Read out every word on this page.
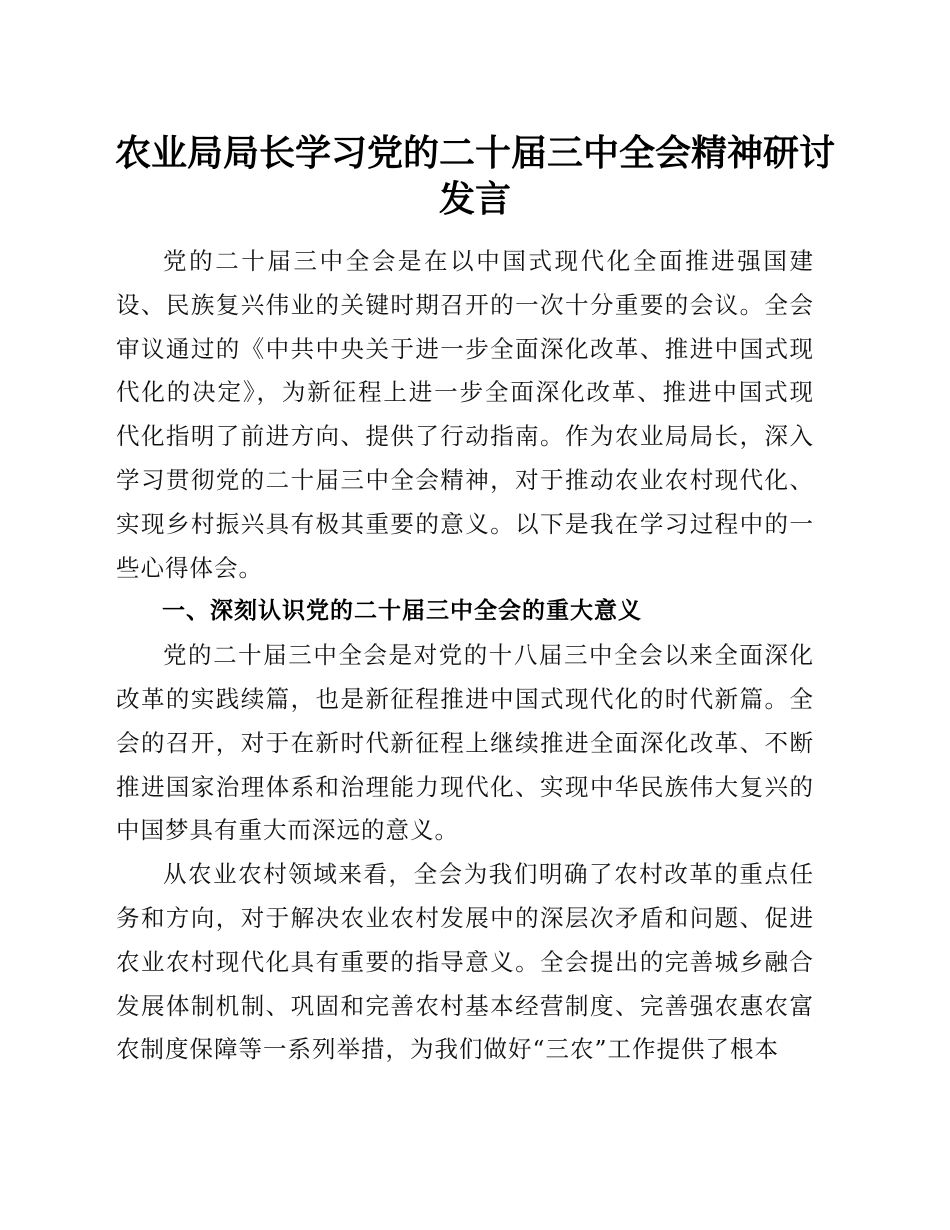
农业局局长学习党的二十届三中全会精神研讨发言

党的二十届三中全会是在以中国式现代化全面推进强国建设、民族复兴伟业的关键时期召开的一次十分重要的会议。全会审议通过的《中共中央关于进一步全面深化改革、推进中国式现代化的决定》，为新征程上进一步全面深化改革、推进中国式现代化指明了前进方向、提供了行动指南。作为农业局局长，深入学习贯彻党的二十届三中全会精神，对于推动农业农村现代化、实现乡村振兴具有极其重要的意义。以下是我在学习过程中的一些心得体会。

一、深刻认识党的二十届三中全会的重大意义

党的二十届三中全会是对党的十八届三中全会以来全面深化改革的实践续篇，也是新征程推进中国式现代化的时代新篇。全会的召开，对于在新时代新征程上继续推进全面深化改革、不断推进国家治理体系和治理能力现代化、实现中华民族伟大复兴的中国梦具有重大而深远的意义。

从农业农村领域来看，全会为我们明确了农村改革的重点任务和方向，对于解决农业农村发展中的深层次矛盾和问题、促进农业农村现代化具有重要的指导意义。全会提出的完善城乡融合发展体制机制、巩固和完善农村基本经营制度、完善强农惠农富农制度保障等一系列举措，为我们做好“三农”工作提供了根本
